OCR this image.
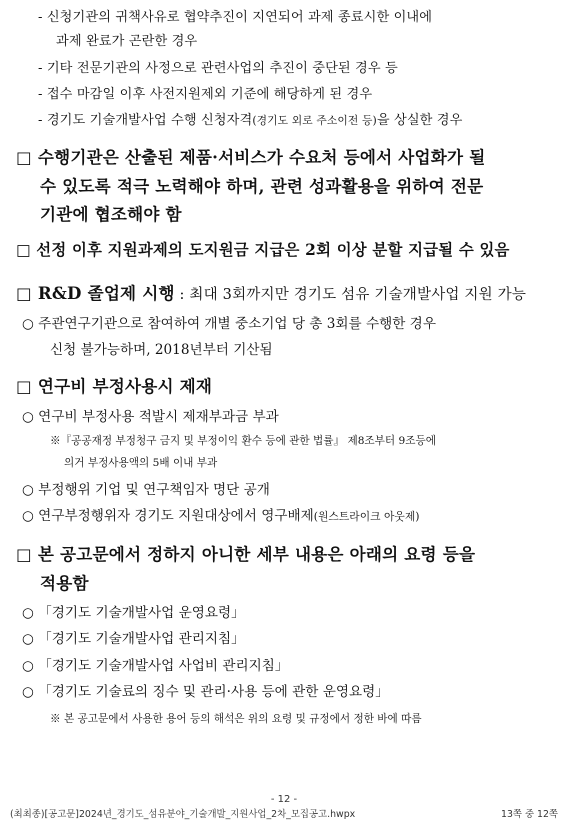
- 신청기관의 귀책사유로 협약추진이 지연되어 과제 종료시한 이내에
과제 완료가 곤란한 경우
- 기타 전문기관의 사정으로 관련사업의 추진이 중단된 경우 등
- 접수 마감일 이후 사전지원제외 기준에 해당하게 된 경우
- 경기도 기술개발사업 수행 신청자격(경기도 외로 주소이전 등)을 상실한 경우
□ 수행기관은 산출된 제품·서비스가 수요처 등에서 사업화가 될
수 있도록 적극 노력해야 하며, 관련 성과활용을 위하여 전문
기관에 협조해야 함
□ 선정 이후 지원과제의 도지원금 지급은 2회 이상 분할 지급될 수 있음
□ R&D 졸업제 시행 : 최대 3회까지만 경기도 섬유 기술개발사업 지원 가능
○ 주관연구기관으로 참여하여 개별 중소기업 당 총 3회를 수행한 경우
신청 불가능하며, 2018년부터 기산됨
□ 연구비 부정사용시 제재
○ 연구비 부정사용 적발시 제재부과금 부과
※『공공재정 부정청구 금지 및 부정이익 환수 등에 관한 법률』 제8조부터 9조등에
의거 부정사용액의 5배 이내 부과
○ 부정행위 기업 및 연구책임자 명단 공개
○ 연구부정행위자 경기도 지원대상에서 영구배제(원스트라이크 아웃제)
□ 본 공고문에서 정하지 아니한 세부 내용은 아래의 요령 등을
적용함
○ 「경기도 기술개발사업 운영요령」
○ 「경기도 기술개발사업 관리지침」
○ 「경기도 기술개발사업 사업비 관리지침」
○ 「경기도 기술료의 징수 및 관리·사용 등에 관한 운영요령」
※ 본 공고문에서 사용한 용어 등의 해석은 위의 요령 및 규정에서 정한 바에 따름
- 12 -
(최최종)[공고문]2024년_경기도_섬유분야_기술개발_지원사업_2차_모집공고.hwpx	13쪽 중 12쪽
